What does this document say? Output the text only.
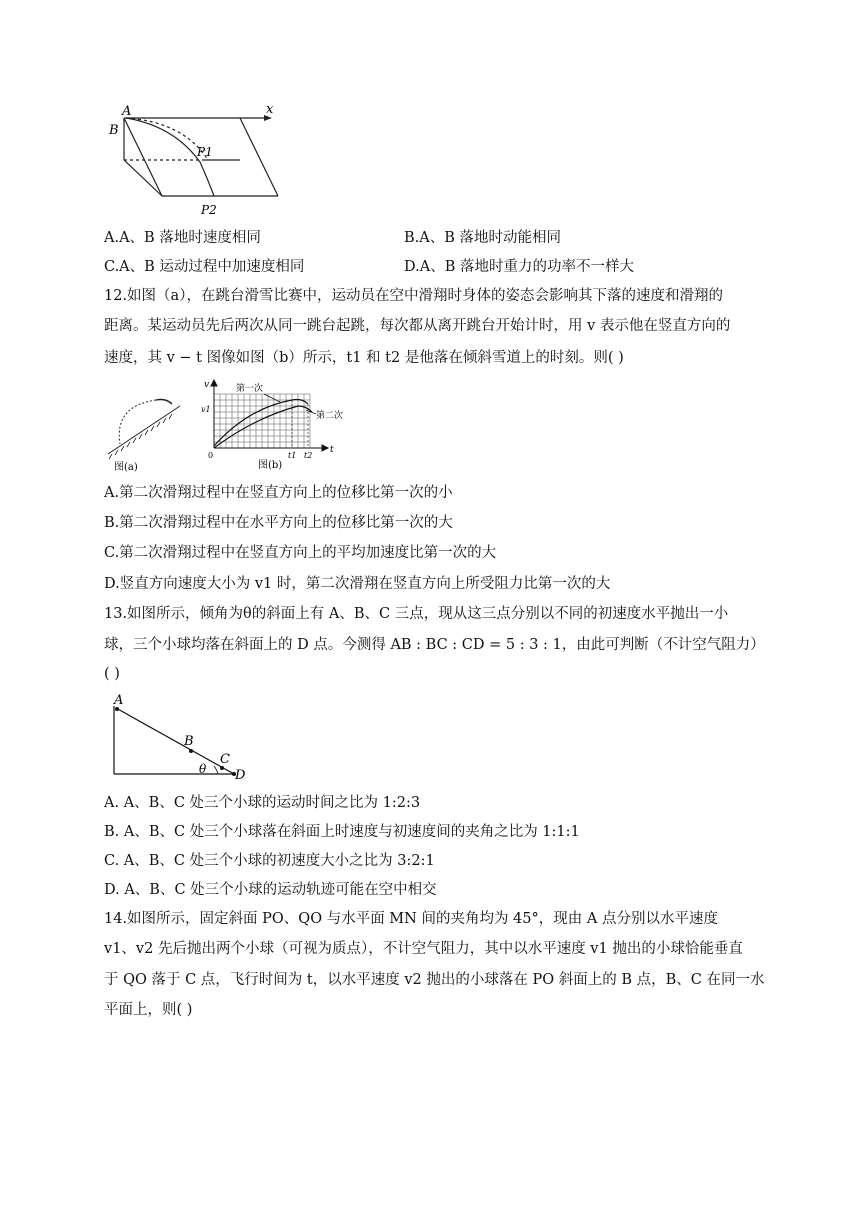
A
B
x
P1
P2
A.A、B 落地时速度相同	B.A、B 落地时动能相同
C.A、B 运动过程中加速度相同	D.A、B 落地时重力的功率不一样大
12.如图（a），在跳台滑雪比赛中，运动员在空中滑翔时身体的姿态会影响其下落的速度和滑翔的
距离。某运动员先后两次从同一跳台起跳，每次都从离开跳台开始计时，用 v 表示他在竖直方向的
速度，其 v − t 图像如图（b）所示，t1 和 t2 是他落在倾斜雪道上的时刻。则( )
图(a)
第一次
第二次
v
v1
t
t1 t2
0
图(b)
A.第二次滑翔过程中在竖直方向上的位移比第一次的小
B.第二次滑翔过程中在水平方向上的位移比第一次的大
C.第二次滑翔过程中在竖直方向上的平均加速度比第一次的大
D.竖直方向速度大小为 v1 时，第二次滑翔在竖直方向上所受阻力比第一次的大
13.如图所示，倾角为θ的斜面上有 A、B、C 三点，现从这三点分别以不同的初速度水平抛出一小
球，三个小球均落在斜面上的 D 点。今测得 AB : BC : CD = 5 : 3 : 1，由此可判断（不计空气阻力）
( )
A
B
C
D
θ
A. A、B、C 处三个小球的运动时间之比为 1:2:3
B. A、B、C 处三个小球落在斜面上时速度与初速度间的夹角之比为 1:1:1
C. A、B、C 处三个小球的初速度大小之比为 3:2:1
D. A、B、C 处三个小球的运动轨迹可能在空中相交
14.如图所示，固定斜面 PO、QO 与水平面 MN 间的夹角均为 45°，现由 A 点分别以水平速度
v1、v2 先后抛出两个小球（可视为质点），不计空气阻力，其中以水平速度 v1 抛出的小球恰能垂直
于 QO 落于 C 点，飞行时间为 t，以水平速度 v2 抛出的小球落在 PO 斜面上的 B 点，B、C 在同一水
平面上，则( )
